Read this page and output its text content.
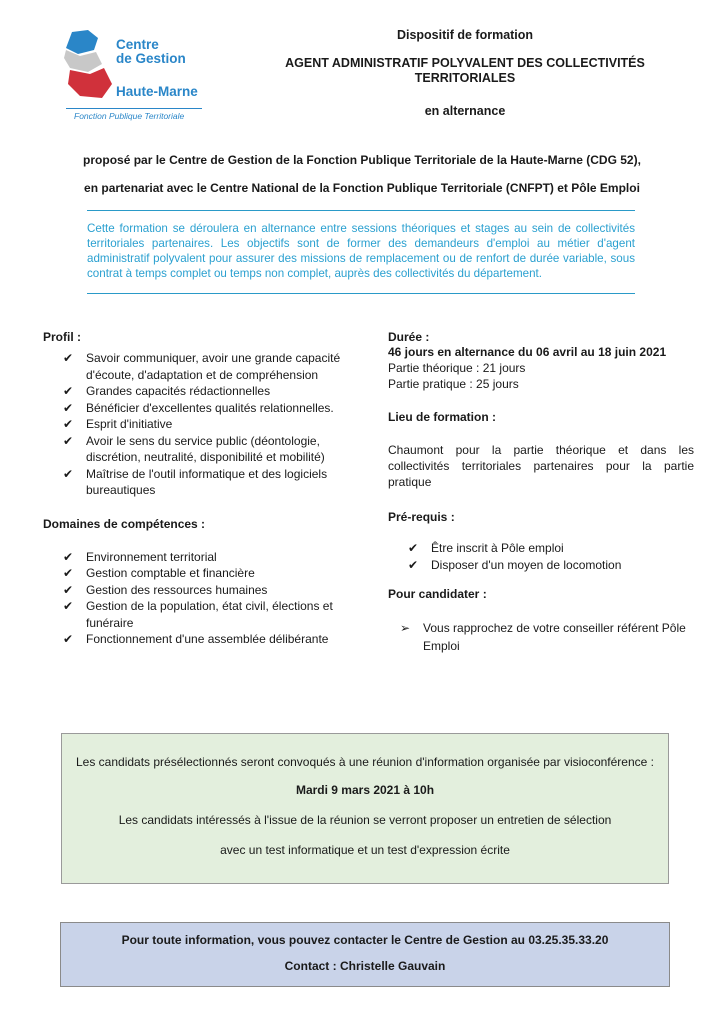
Centre
de Gestion
Haute-Marne
Fonction Publique Territoriale
Dispositif de formation
AGENT ADMINISTRATIF POLYVALENT DES COLLECTIVITÉS TERRITORIALES
en alternance
proposé par le Centre de Gestion de la Fonction Publique Territoriale de la Haute-Marne (CDG 52),
en partenariat avec le Centre National de la Fonction Publique Territoriale (CNFPT) et Pôle Emploi
Cette formation se déroulera en alternance entre sessions théoriques et stages au sein de collectivités territoriales partenaires. Les objectifs sont de former des demandeurs d'emploi au métier d'agent administratif polyvalent pour assurer des missions de remplacement ou de renfort de durée variable, sous contrat à temps complet ou temps non complet, auprès des collectivités du département.
Profil :
✔ Savoir communiquer, avoir une grande capacité d'écoute, d'adaptation et de compréhension
✔ Grandes capacités rédactionnelles
✔ Bénéficier d'excellentes qualités relationnelles.
✔ Esprit d'initiative
✔ Avoir le sens du service public (déontologie, discrétion, neutralité, disponibilité et mobilité)
✔ Maîtrise de l'outil informatique et des logiciels bureautiques
Domaines de compétences :
✔ Environnement territorial
✔ Gestion comptable et financière
✔ Gestion des ressources humaines
✔ Gestion de la population, état civil, élections et funéraire
✔ Fonctionnement d'une assemblée délibérante
Durée :
46 jours en alternance du 06 avril au 18 juin 2021
Partie théorique : 21 jours
Partie pratique : 25 jours
Lieu de formation :
Chaumont pour la partie théorique et dans les collectivités territoriales partenaires pour la partie pratique
Pré-requis :
✔ Être inscrit à Pôle emploi
✔ Disposer d'un moyen de locomotion
Pour candidater :
➢ Vous rapprochez de votre conseiller référent Pôle Emploi

Les candidats présélectionnés seront convoqués à une réunion d'information organisée par visioconférence :

Mardi 9 mars 2021 à 10h

Les candidats intéressés à l'issue de la réunion se verront proposer un entretien de sélection

avec un test informatique et un test d'expression écrite

Pour toute information, vous pouvez contacter le Centre de Gestion au 03.25.35.33.20

Contact : Christelle Gauvain
